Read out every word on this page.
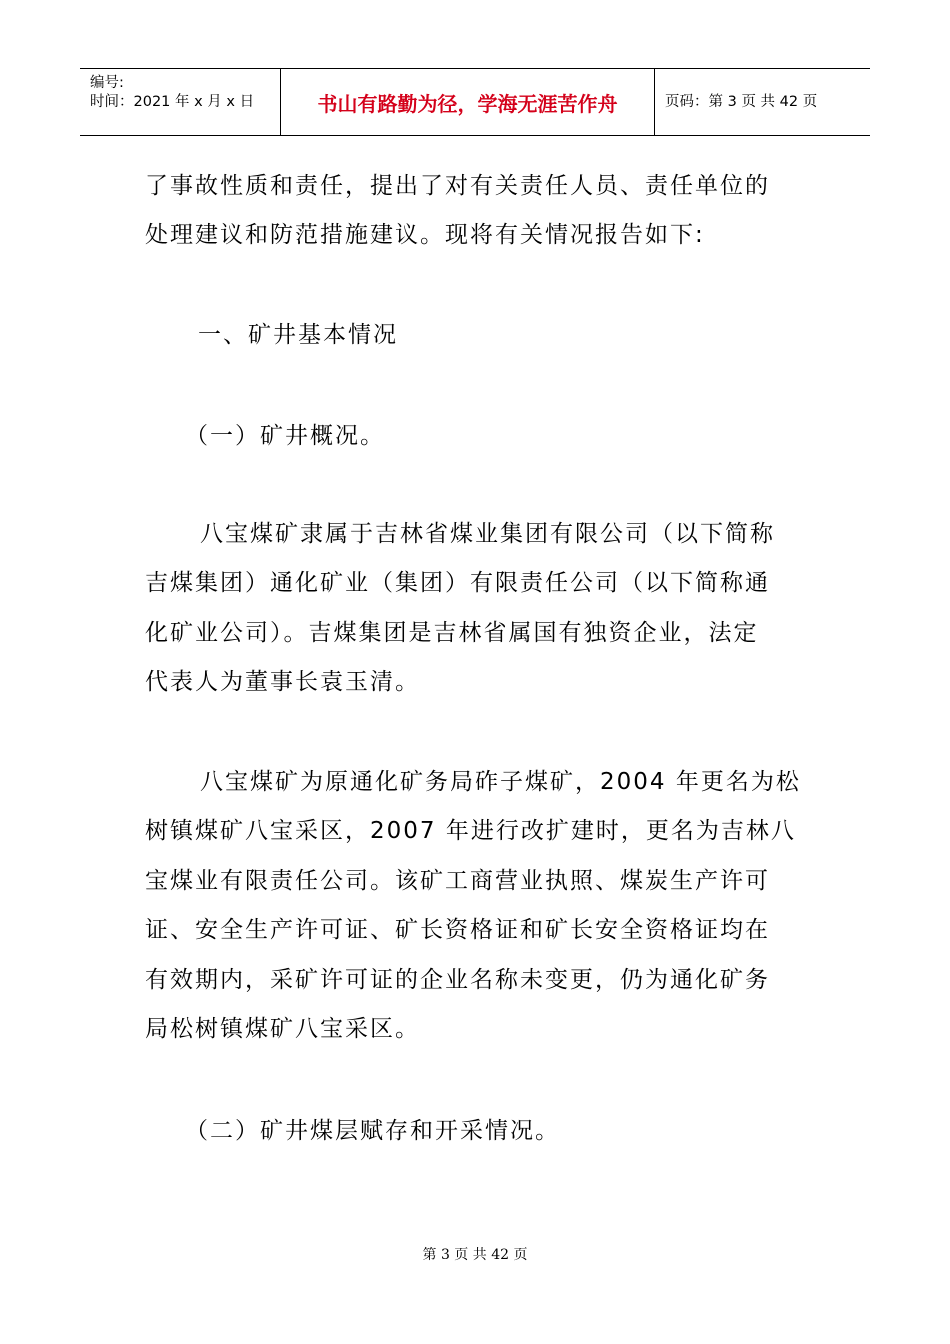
编号:
时间：2021 年 x 月 x 日	书山有路勤为径，学海无涯苦作舟	页码：第 3 页 共 42 页
了事故性质和责任，提出了对有关责任人员、责任单位的
处理建议和防范措施建议。现将有关情况报告如下:
一、矿井基本情况
（一）矿井概况。
八宝煤矿隶属于吉林省煤业集团有限公司（以下简称
吉煤集团）通化矿业（集团）有限责任公司（以下简称通
化矿业公司）。吉煤集团是吉林省属国有独资企业，法定
代表人为董事长袁玉清。
八宝煤矿为原通化矿务局砟子煤矿，2004 年更名为松
树镇煤矿八宝采区，2007 年进行改扩建时，更名为吉林八
宝煤业有限责任公司。该矿工商营业执照、煤炭生产许可
证、安全生产许可证、矿长资格证和矿长安全资格证均在
有效期内，采矿许可证的企业名称未变更，仍为通化矿务
局松树镇煤矿八宝采区。
（二）矿井煤层赋存和开采情况。
第 3 页 共 42 页
